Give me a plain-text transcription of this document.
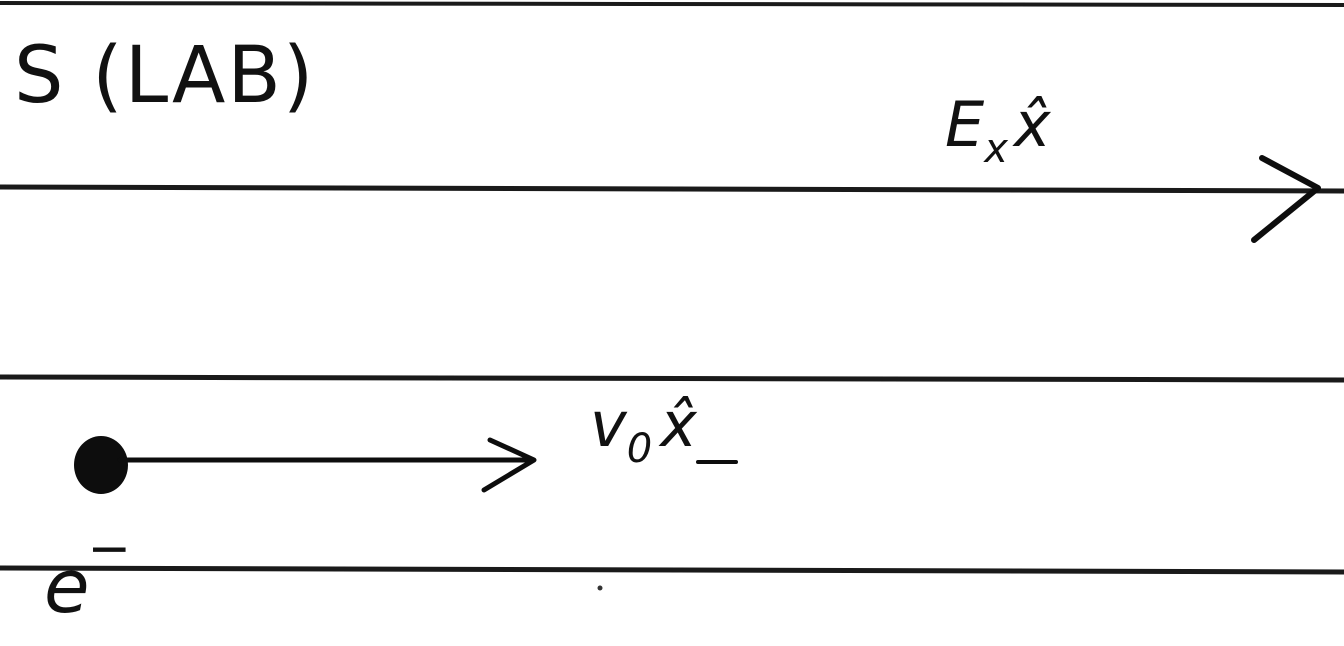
S (LAB)
Exx̂
v0 x̂
e−
